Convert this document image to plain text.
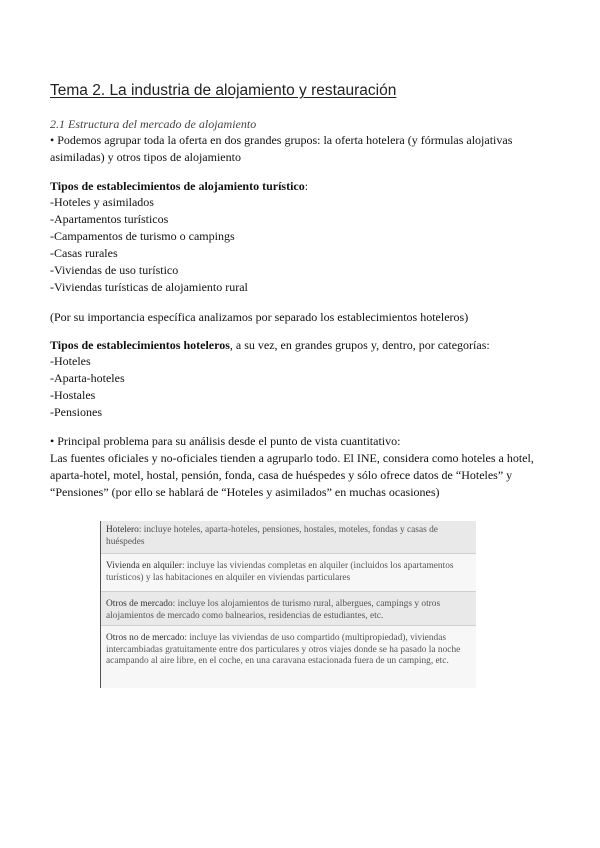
Tema 2. La industria de alojamiento y restauración
2.1 Estructura del mercado de alojamiento
• Podemos agrupar toda la oferta en dos grandes grupos: la oferta hotelera (y fórmulas alojativas asimiladas) y otros tipos de alojamiento
Tipos de establecimientos de alojamiento turístico:
-Hoteles y asimilados
-Apartamentos turísticos
-Campamentos de turismo o campings
-Casas rurales
-Viviendas de uso turístico
-Viviendas turísticas de alojamiento rural
(Por su importancia específica analizamos por separado los establecimientos hoteleros)
Tipos de establecimientos hoteleros, a su vez, en grandes grupos y, dentro, por categorías:
-Hoteles
-Aparta-hoteles
-Hostales
-Pensiones
• Principal problema para su análisis desde el punto de vista cuantitativo:
Las fuentes oficiales y no-oficiales tienden a agruparlo todo. El INE, considera como hoteles a hotel, aparta-hotel, motel, hostal, pensión, fonda, casa de huéspedes y sólo ofrece datos de “Hoteles” y “Pensiones” (por ello se hablará de “Hoteles y asimilados” en muchas ocasiones)
Hotelero: incluye hoteles, aparta-hoteles, pensiones, hostales, moteles, fondas y casas de huéspedes
Vivienda en alquiler: incluye las viviendas completas en alquiler (incluidos los apartamentos turísticos) y las habitaciones en alquiler en viviendas particulares
Otros de mercado: incluye los alojamientos de turismo rural, albergues, campings y otros alojamientos de mercado como balnearios, residencias de estudiantes, etc.
Otros no de mercado: incluye las viviendas de uso compartido (multipropiedad), viviendas intercambiadas gratuitamente entre dos particulares y otros viajes donde se ha pasado la noche acampando al aire libre, en el coche, en una caravana estacionada fuera de un camping, etc.
